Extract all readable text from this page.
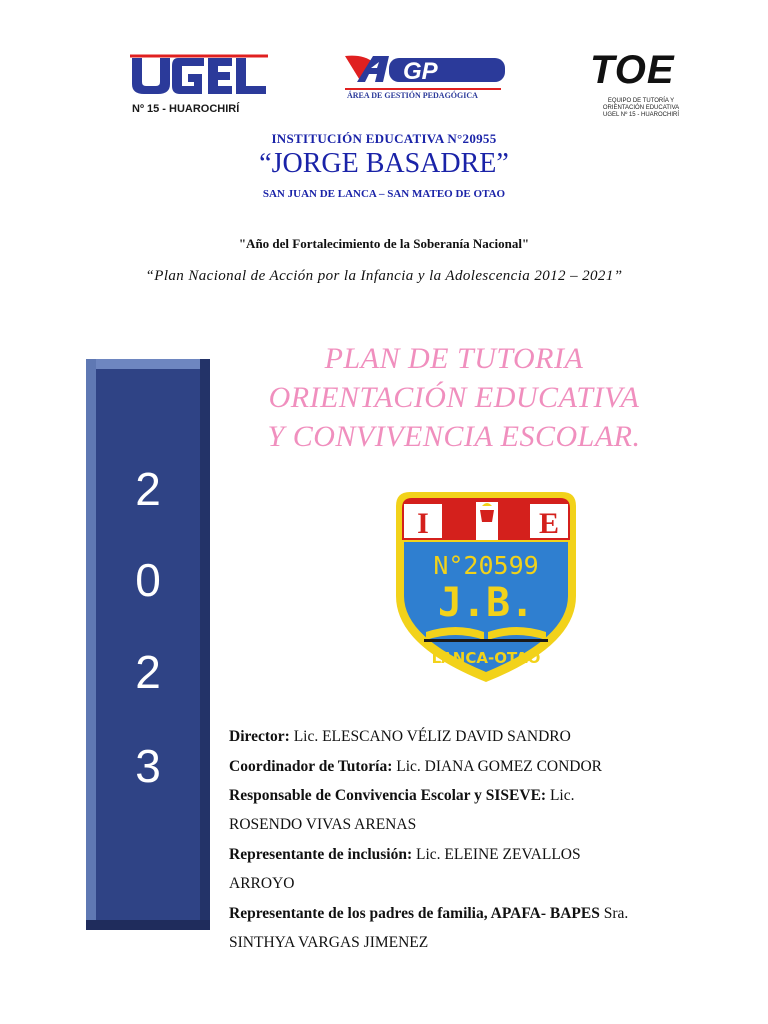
Nº 15 - HUAROCHIRÍ
GP
ÁREA DE GESTIÓN PEDAGÓGICA
TOE
EQUIPO DE TUTORÍA Y
ORIENTACIÓN EDUCATIVA
UGEL Nº 15 - HUAROCHIRÍ
INSTITUCIÓN EDUCATIVA N°20955
“JORGE BASADRE”
SAN JUAN DE LANCA – SAN MATEO DE OTAO
"Año del Fortalecimiento de la Soberanía Nacional"
“Plan Nacional de Acción por la Infancia y la Adolescencia 2012 – 2021”
2
0
2
3
PLAN DE TUTORIA
ORIENTACIÓN EDUCATIVA
Y CONVIVENCIA ESCOLAR.
I	E
N°20599
J.B.
LANCA-OTAO
Director: Lic. ELESCANO VÉLIZ DAVID SANDRO
Coordinador de Tutoría: Lic. DIANA GOMEZ CONDOR
Responsable de Convivencia Escolar y SISEVE: Lic.
ROSENDO VIVAS ARENAS
Representante de inclusión: Lic. ELEINE ZEVALLOS
ARROYO
Representante de los padres de familia, APAFA- BAPES Sra.
SINTHYA VARGAS JIMENEZ
